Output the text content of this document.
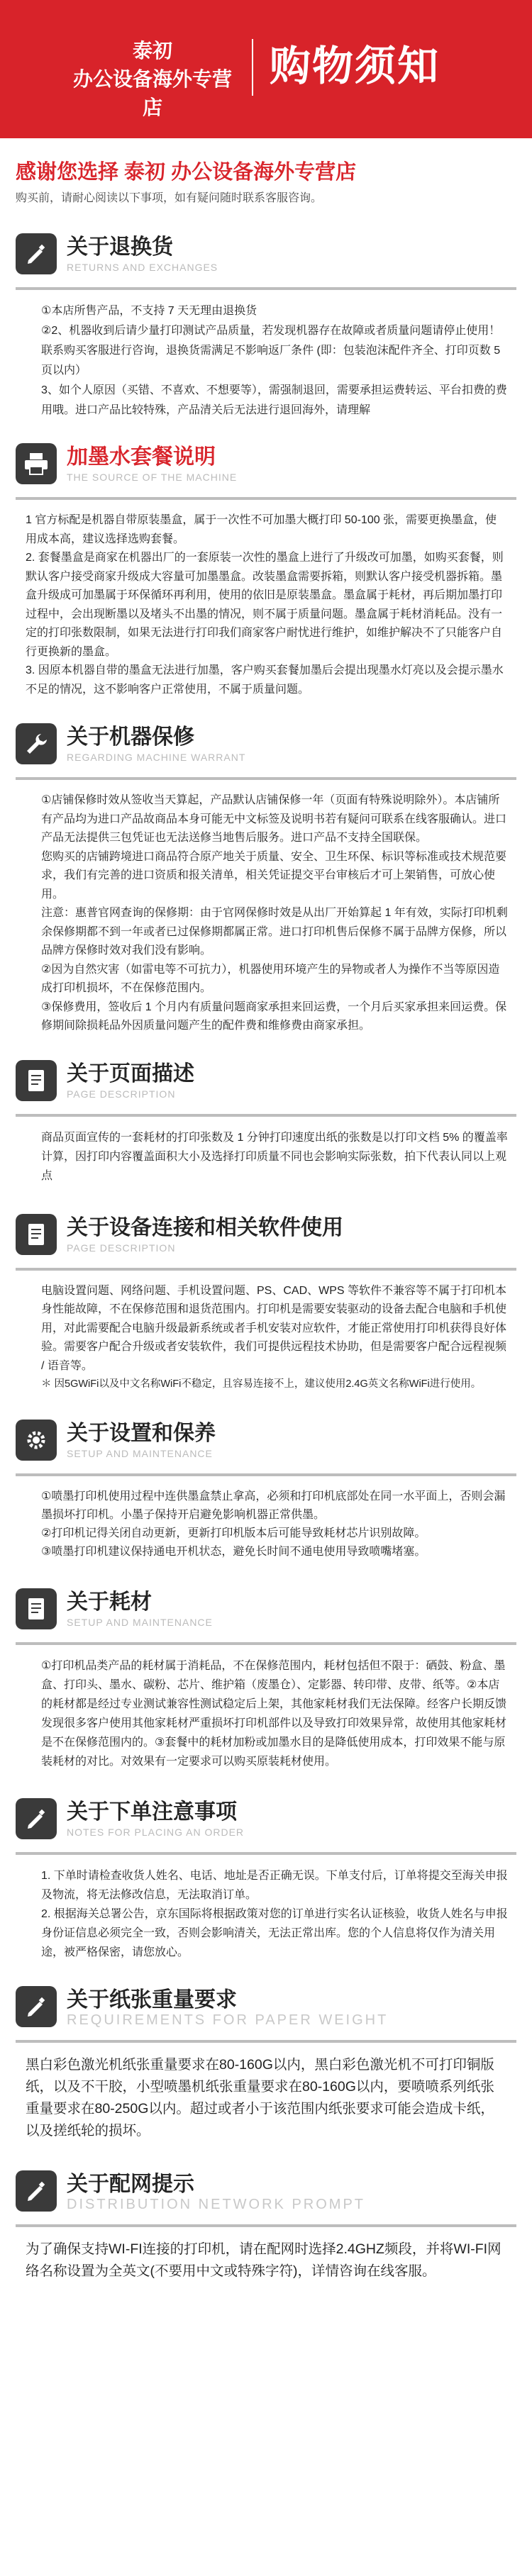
泰初
办公设备海外专营店
购物须知
感谢您选择 泰初 办公设备海外专营店
购买前，请耐心阅读以下事项，如有疑问随时联系客服咨询。
关于退换货
RETURNS AND EXCHANGES

①本店所售产品，不支持 7 天无理由退换货

②2、机器收到后请少量打印测试产品质量，若发现机器存在故障或者质量问题请停止使用！联系购买客服进行咨询，退换货需满足不影响返厂条件 (即：包装泡沫配件齐全、打印页数 5 页以内）

3、如个人原因（买错、不喜欢、不想要等），需强制退回，需要承担运费转运、平台扣费的费用哦。进口产品比较特殊，产品清关后无法进行退回海外，请理解

加墨水套餐说明
THE SOURCE OF THE MACHINE

1 官方标配是机器自带原装墨盒，属于一次性不可加墨大概打印 50-100 张，需要更换墨盒，使用成本高，建议选择选购套餐。

2. 套餐墨盒是商家在机器出厂的一套原装一次性的墨盒上进行了升级改可加墨，如购买套餐，则默认客户接受商家升级成大容量可加墨墨盒。改装墨盒需要拆箱，则默认客户接受机器拆箱。墨盒升级成可加墨属于环保循环再利用，使用的依旧是原装墨盒。墨盒属于耗材，再后期加墨打印过程中，会出现断墨以及堵头不出墨的情况，则不属于质量问题。墨盒属于耗材消耗品。没有一定的打印张数限制，如果无法进行打印我们商家客户耐忧进行维护，如维护解决不了只能客户自行更换新的墨盒。

3. 因原本机器自带的墨盒无法进行加墨，客户购买套餐加墨后会提出现墨水灯亮以及会提示墨水不足的情况，这不影响客户正常使用，不属于质量问题。

关于机器保修
REGARDING MACHINE WARRANT

①店铺保修时效从签收当天算起，产品默认店铺保修一年（页面有特殊说明除外）。本店铺所有产品均为进口产品故商品本身可能无中文标签及说明书若有疑问可联系在线客服确认。进口产品无法提供三包凭证也无法送修当地售后服务。进口产品不支持全国联保。

您购买的店铺跨境进口商品符合原产地关于质量、安全、卫生环保、标识等标准或技术规范要求，我们有完善的进口资质和报关清单，相关凭证提交平台审核后才可上架销售，可放心使用。

注意：惠普官网查询的保修期：由于官网保修时效是从出厂开始算起 1 年有效，实际打印机剩余保修期都不到一年或者已过保修期都属正常。进口打印机售后保修不属于品牌方保修，所以品牌方保修时效对我们没有影响。

②因为自然灾害（如雷电等不可抗力），机器使用环境产生的异物或者人为操作不当等原因造成打印机损坏，不在保修范围内。

③保修费用，签收后 1 个月内有质量问题商家承担来回运费，一个月后买家承担来回运费。保修期间除损耗品外因质量问题产生的配件费和维修费由商家承担。

关于页面描述
PAGE DESCRIPTION

商品页面宣传的一套耗材的打印张数及 1 分钟打印速度出纸的张数是以打印文档 5% 的覆盖率计算，因打印内容覆盖面积大小及选择打印质量不同也会影响实际张数，拍下代表认同以上观点

关于设备连接和相关软件使用
PAGE DESCRIPTION

电脑设置问题、网络问题、手机设置问题、PS、CAD、WPS 等软件不兼容等不属于打印机本身性能故障，不在保修范围和退货范围内。打印机是需要安装驱动的设备去配合电脑和手机使用，对此需要配合电脑升级最新系统或者手机安装对应软件，才能正常使用打印机获得良好体验。需要客户配合升级或者安装软件，我们可提供远程技术协助，但是需要客户配合远程视频 / 语音等。

＊ 因5GWiFi以及中文名称WiFi不稳定，且容易连接不上，建议使用2.4G英文名称WiFi进行使用。

关于设置和保养
SETUP AND MAINTENANCE

①喷墨打印机使用过程中连供墨盒禁止拿高，必须和打印机底部处在同一水平面上，否则会漏墨损坏打印机。小墨子保持开启避免影响机器正常供墨。

②打印机记得关闭自动更新，更新打印机版本后可能导致耗材芯片识别故障。

③喷墨打印机建议保持通电开机状态，避免长时间不通电使用导致喷嘴堵塞。

关于耗材
SETUP AND MAINTENANCE

①打印机品类产品的耗材属于消耗品，不在保修范围内，耗材包括但不限于：硒鼓、粉盒、墨盒、打印头、墨水、碳粉、芯片、维护箱（废墨仓）、定影器、转印带、皮带、纸等。②本店的耗材都是经过专业测试兼容性测试稳定后上架，其他家耗材我们无法保障。经客户长期反馈发现很多客户使用其他家耗材严重损坏打印机部件以及导致打印效果异常，故使用其他家耗材是不在保修范围内的。③套餐中的耗材加粉或加墨水目的是降低使用成本，打印效果不能与原装耗材的对比。对效果有一定要求可以购买原装耗材使用。

关于下单注意事项
NOTES FOR PLACING AN ORDER

1. 下单时请检查收货人姓名、电话、地址是否正确无误。下单支付后，订单将提交至海关申报及物流，将无法修改信息，无法取消订单。

2. 根据海关总署公告，京东国际将根据政策对您的订单进行实名认证核验，收货人姓名与申报身份证信息必须完全一致，否则会影响清关，无法正常出库。您的个人信息将仅作为清关用途，被严格保密，请您放心。

关于纸张重量要求
REQUIREMENTS FOR PAPER WEIGHT

黑白彩色激光机纸张重量要求在80-160G以内，黑白彩色激光机不可打印铜版纸，以及不干胶，小型喷墨机纸张重量要求在80-160G以内，要喷喷系列纸张重量要求在80-250G以内。超过或者小于该范围内纸张要求可能会造成卡纸，以及搓纸轮的损坏。

关于配网提示
DISTRIBUTION NETWORK PROMPT

为了确保支持WI-FI连接的打印机，请在配网时选择2.4GHZ频段，并将WI-FI网络名称设置为全英文(不要用中文或特殊字符)，详情咨询在线客服。
